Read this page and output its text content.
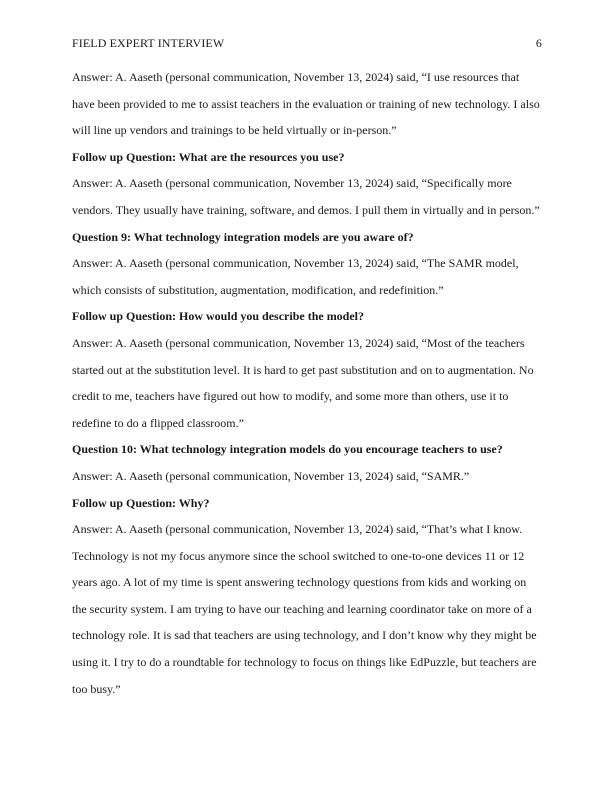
FIELD EXPERT INTERVIEW	6

Answer: A. Aaseth (personal communication, November 13, 2024) said, “I use resources that have been provided to me to assist teachers in the evaluation or training of new technology. I also will line up vendors and trainings to be held virtually or in-person.”

Follow up Question: What are the resources you use?

Answer: A. Aaseth (personal communication, November 13, 2024) said, “Specifically more vendors. They usually have training, software, and demos. I pull them in virtually and in person.”

Question 9: What technology integration models are you aware of?

Answer: A. Aaseth (personal communication, November 13, 2024) said, “The SAMR model, which consists of substitution, augmentation, modification, and redefinition.”

Follow up Question: How would you describe the model?

Answer: A. Aaseth (personal communication, November 13, 2024) said, “Most of the teachers started out at the substitution level. It is hard to get past substitution and on to augmentation. No credit to me, teachers have figured out how to modify, and some more than others, use it to redefine to do a flipped classroom.”

Question 10: What technology integration models do you encourage teachers to use?

Answer: A. Aaseth (personal communication, November 13, 2024) said, “SAMR.”

Follow up Question: Why?

Answer: A. Aaseth (personal communication, November 13, 2024) said, “That’s what I know. Technology is not my focus anymore since the school switched to one-to-one devices 11 or 12 years ago. A lot of my time is spent answering technology questions from kids and working on the security system. I am trying to have our teaching and learning coordinator take on more of a technology role. It is sad that teachers are using technology, and I don’t know why they might be using it. I try to do a roundtable for technology to focus on things like EdPuzzle, but teachers are too busy.”
